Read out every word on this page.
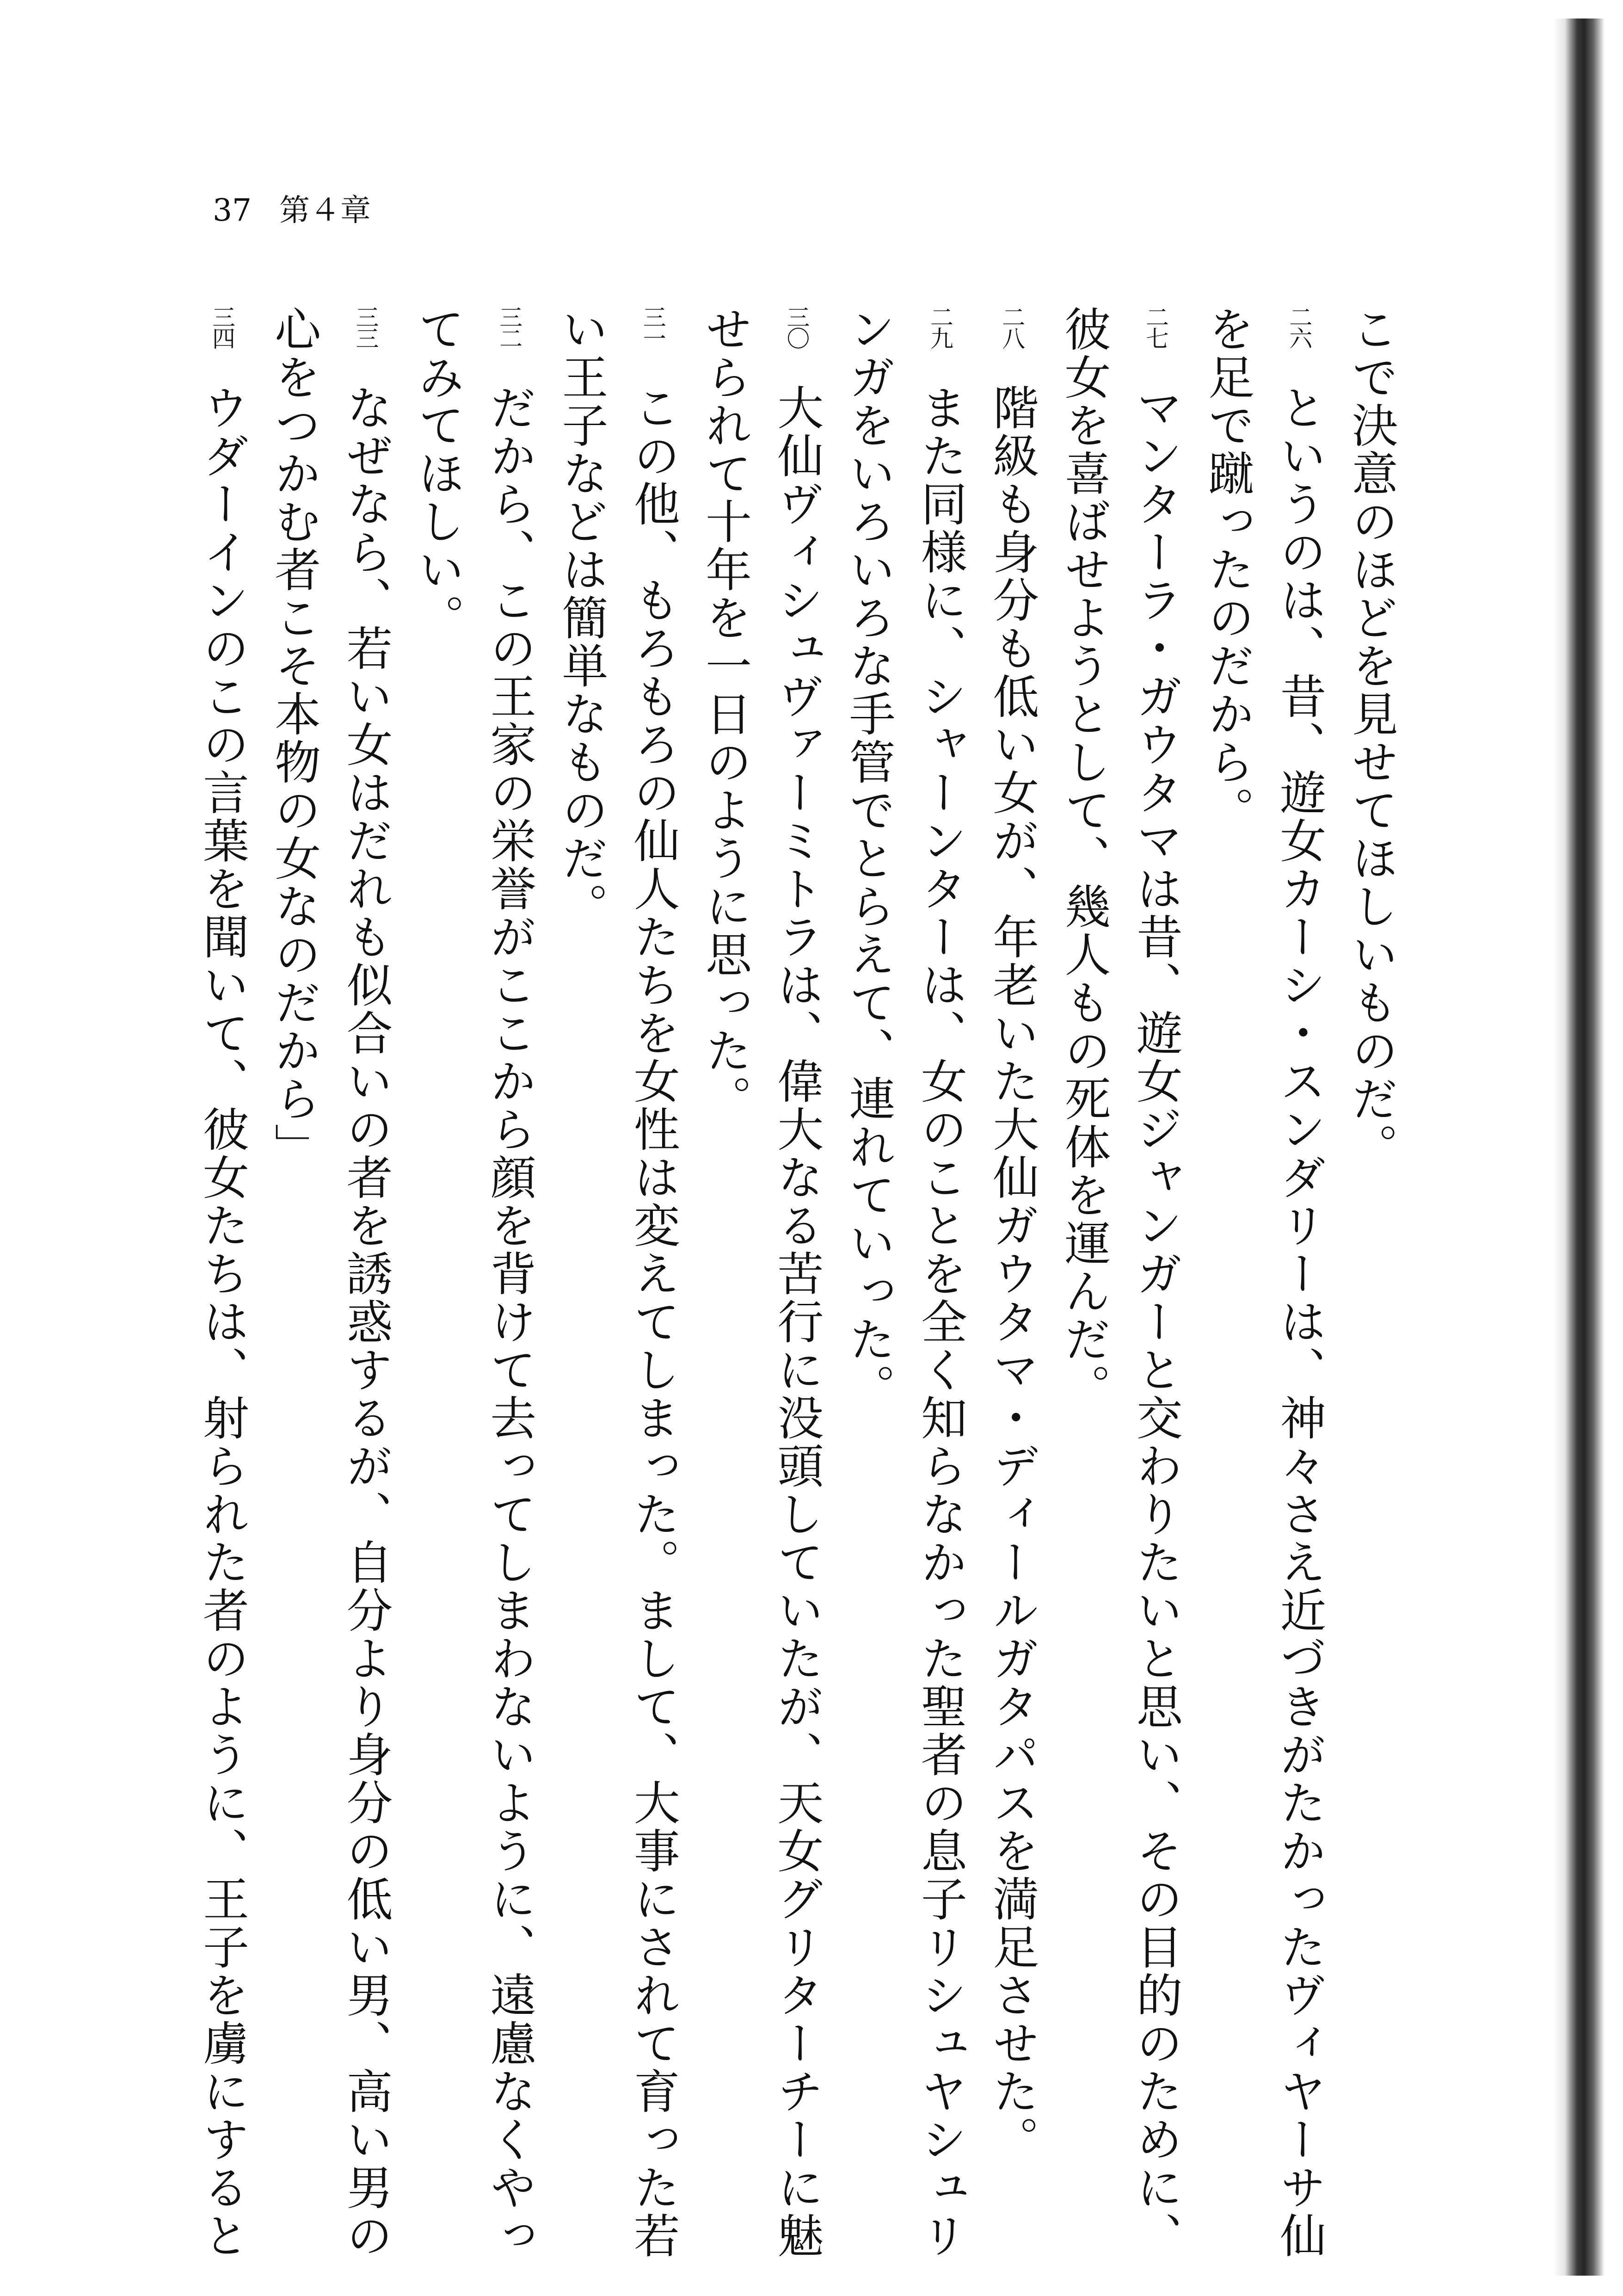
37 第４章
こで決意のほどを見せてほしいものだ。
二六
というのは、昔、遊女カーシ・スンダリーは、神々さえ近づきがたかったヴィヤーサ仙
を足で蹴ったのだから。
二七
マンターラ・ガウタマは昔、遊女ジャンガーと交わりたいと思い、その目的のために、
彼女を喜ばせようとして、幾人もの死体を運んだ。
二八
階級も身分も低い女が、年老いた大仙ガウタマ・ディールガタパスを満足させた。
二九
また同様に、シャーンターは、女のことを全く知らなかった聖者の息子リシュヤシュリ
ンガをいろいろな手管でとらえて、連れていった。
三〇
大仙ヴィシュヴァーミトラは、偉大なる苦行に没頭していたが、天女グリターチーに魅
せられて十年を一日のように思った。
三一
この他、もろもろの仙人たちを女性は変えてしまった。まして、大事にされて育った若
い王子などは簡単なものだ。
三二
だから、この王家の栄誉がここから顔を背けて去ってしまわないように、遠慮なくやっ
てみてほしい。
三三
なぜなら、若い女はだれも似合いの者を誘惑するが、自分より身分の低い男、高い男の
心をつかむ者こそ本物の女なのだから」
三四
ウダーインのこの言葉を聞いて、彼女たちは、射られた者のように、王子を虜にすると
